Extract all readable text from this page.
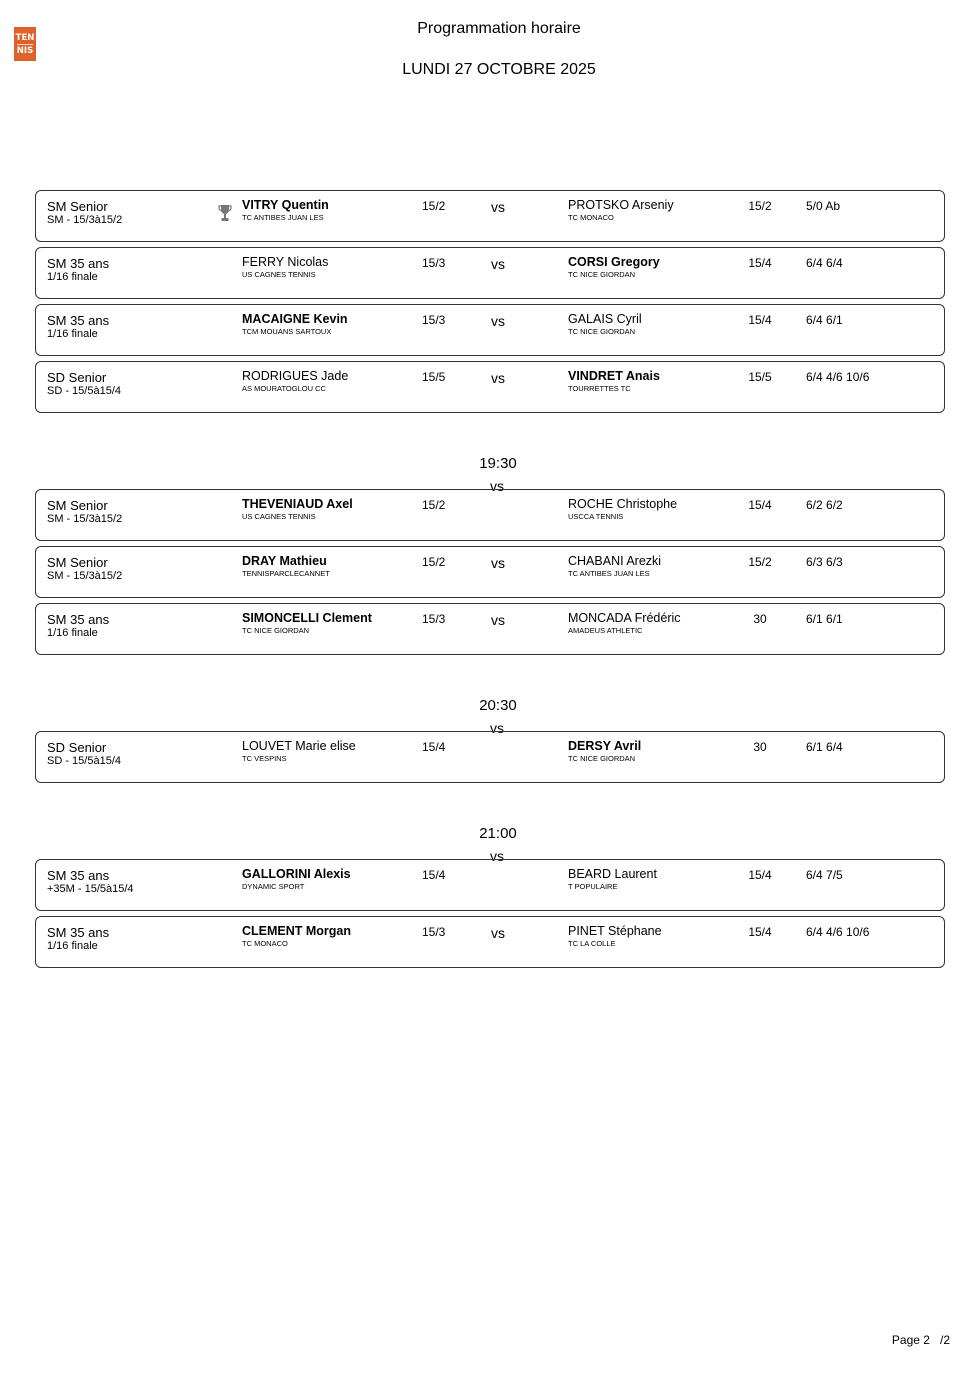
TEN
NIS
Programmation horaire
LUNDI 27 OCTOBRE 2025
19:30
vs
20:30
vs
21:00
vs
SM Senior
SM - 15/3à15/2
VITRY Quentin
TC ANTIBES JUAN LES
15/2	vs	PROTSKO Arseniy
TC MONACO
15/2	5/0 Ab
SM 35 ans
1/16 finale
FERRY Nicolas
US CAGNES TENNIS
15/3	vs	CORSI Gregory
TC NICE GIORDAN
15/4	6/4 6/4
SM 35 ans
1/16 finale
MACAIGNE Kevin
TCM MOUANS SARTOUX
15/3	vs	GALAIS Cyril
TC NICE GIORDAN
15/4	6/4 6/1
SD Senior
SD - 15/5à15/4
RODRIGUES Jade
AS MOURATOGLOU CC
15/5	vs	VINDRET Anais
TOURRETTES TC
15/5	6/4 4/6 10/6
SM Senior
SM - 15/3à15/2
THEVENIAUD Axel
US CAGNES TENNIS
15/2	ROCHE Christophe
USCCA TENNIS
15/4	6/2 6/2
SM Senior
SM - 15/3à15/2
DRAY Mathieu
TENNISPARCLECANNET
15/2	vs	CHABANI Arezki
TC ANTIBES JUAN LES
15/2	6/3 6/3
SM 35 ans
1/16 finale
SIMONCELLI Clement
TC NICE GIORDAN
15/3	vs	MONCADA Frédéric
AMADEUS ATHLETIC
30	6/1 6/1
SD Senior
SD - 15/5à15/4
LOUVET Marie elise
TC VESPINS
15/4	DERSY Avril
TC NICE GIORDAN
30	6/1 6/4
SM 35 ans
+35M - 15/5à15/4
GALLORINI Alexis
DYNAMIC SPORT
15/4	BEARD Laurent
T POPULAIRE
15/4	6/4 7/5
SM 35 ans
1/16 finale
CLEMENT Morgan
TC MONACO
15/3	vs	PINET Stéphane
TC LA COLLE
15/4	6/4 4/6 10/6
Page 2 /2
